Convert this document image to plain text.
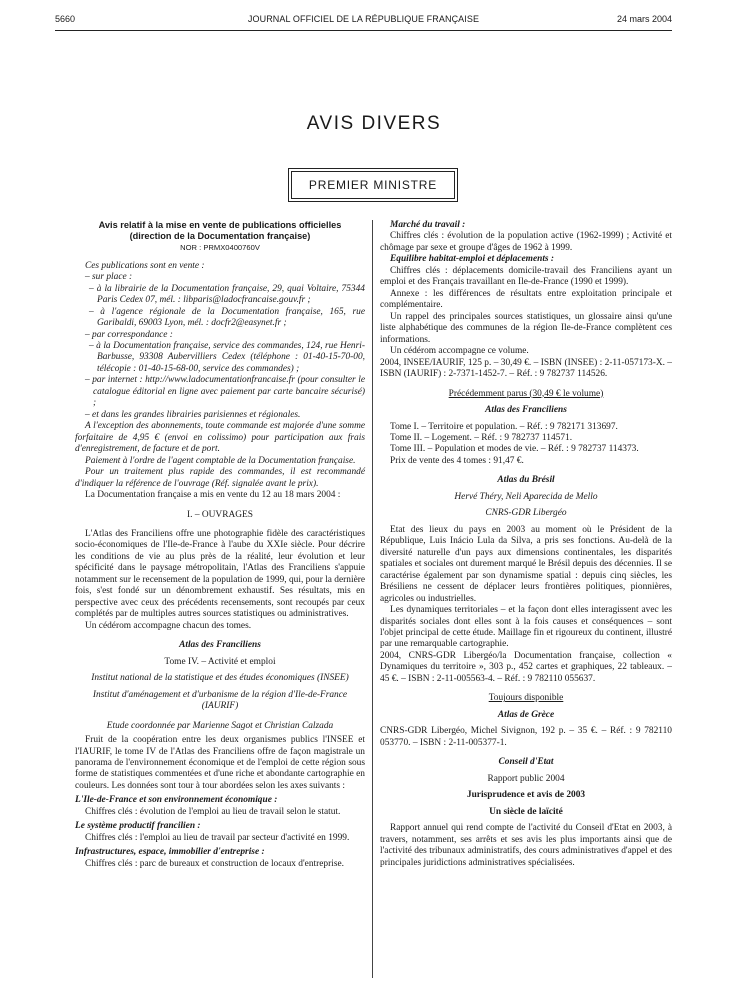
5660	JOURNAL OFFICIEL DE LA RÉPUBLIQUE FRANÇAISE	24 mars 2004
AVIS DIVERS
PREMIER MINISTRE

Avis relatif à la mise en vente de publications officielles

(direction de la Documentation française)

NOR : PRMX0400760V

Ces publications sont en vente :

– sur place :

– à la librairie de la Documentation française, 29, quai Voltaire, 75344 Paris Cedex 07, mél. : libparis@ladocfrancaise.gouv.fr ;

– à l'agence régionale de la Documentation française, 165, rue Garibaldi, 69003 Lyon, mél. : docfr2@easynet.fr ;

– par correspondance :

– à la Documentation française, service des commandes, 124, rue Henri-Barbusse, 93308 Aubervilliers Cedex (téléphone : 01-40-15-70-00, télécopie : 01-40-15-68-00, service des commandes) ;

– par internet : http://www.ladocumentationfrancaise.fr (pour consulter le catalogue éditorial en ligne avec paiement par carte bancaire sécurisé) ;

– et dans les grandes librairies parisiennes et régionales.

A l'exception des abonnements, toute commande est majorée d'une somme forfaitaire de 4,95 € (envoi en colissimo) pour participation aux frais d'enregistrement, de facture et de port.

Paiement à l'ordre de l'agent comptable de la Documentation française.

Pour un traitement plus rapide des commandes, il est recommandé d'indiquer la référence de l'ouvrage (Réf. signalée avant le prix).

La Documentation française a mis en vente du 12 au 18 mars 2004 :

I. – OUVRAGES

L'Atlas des Franciliens offre une photographie fidèle des caractéristiques socio-économiques de l'Ile-de-France à l'aube du XXIe siècle. Pour décrire les conditions de vie au plus près de la réalité, leur évolution et leur spécificité dans le paysage métropolitain, l'Atlas des Franciliens s'appuie notamment sur le recensement de la population de 1999, qui, pour la dernière fois, s'est fondé sur un dénombrement exhaustif. Ses résultats, mis en perspective avec ceux des précédents recensements, sont recoupés par ceux complétés par de multiples autres sources statistiques ou administratives.

Un cédérom accompagne chacun des tomes.

Atlas des Franciliens

Tome IV. – Activité et emploi

Institut national de la statistique et des études économiques (INSEE)

Institut d'aménagement et d'urbanisme de la région d'Ile-de-France (IAURIF)

Etude coordonnée par Marienne Sagot et Christian Calzada

Fruit de la coopération entre les deux organismes publics l'INSEE et l'IAURIF, le tome IV de l'Atlas des Franciliens offre de façon magistrale un panorama de l'environnement économique et de l'emploi de cette région sous forme de statistiques commentées et d'une riche et abondante cartographie en couleurs. Les données sont tour à tour abordées selon les axes suivants :

L'Ile-de-France et son environnement économique :

Chiffres clés : évolution de l'emploi au lieu de travail selon le statut.

Le système productif francilien :

Chiffres clés : l'emploi au lieu de travail par secteur d'activité en 1999.

Infrastructures, espace, immobilier d'entreprise :

Chiffres clés : parc de bureaux et construction de locaux d'entreprise.

Marché du travail :

Chiffres clés : évolution de la population active (1962-1999) ; Activité et chômage par sexe et groupe d'âges de 1962 à 1999.

Equilibre habitat-emploi et déplacements :

Chiffres clés : déplacements domicile-travail des Franciliens ayant un emploi et des Français travaillant en Ile-de-France (1990 et 1999).

Annexe : les différences de résultats entre exploitation principale et complémentaire.

Un rappel des principales sources statistiques, un glossaire ainsi qu'une liste alphabétique des communes de la région Ile-de-France complètent ces informations.

Un cédérom accompagne ce volume.

2004, INSEE/IAURIF, 125 p. – 30,49 €. – ISBN (INSEE) : 2-11-057173-X. – ISBN (IAURIF) : 2-7371-1452-7. – Réf. : 9 782737 114526.

Précédemment parus (30,49 € le volume)

Atlas des Franciliens

Tome I. – Territoire et population. – Réf. : 9 782171 313697.

Tome II. – Logement. – Réf. : 9 782737 114571.

Tome III. – Population et modes de vie. – Réf. : 9 782737 114373.

Prix de vente des 4 tomes : 91,47 €.

Atlas du Brésil

Hervé Théry, Neli Aparecida de Mello

CNRS-GDR Libergéo

Etat des lieux du pays en 2003 au moment où le Président de la République, Luis Inácio Lula da Silva, a pris ses fonctions. Au-delà de la diversité naturelle d'un pays aux dimensions continentales, les disparités spatiales et sociales ont durement marqué le Brésil depuis des décennies. Il se caractérise également par son dynamisme spatial : depuis cinq siècles, les Brésiliens ne cessent de déplacer leurs frontières politiques, pionnières, agricoles ou industrielles.

Les dynamiques territoriales – et la façon dont elles interagissent avec les disparités sociales dont elles sont à la fois causes et conséquences – sont l'objet principal de cette étude. Maillage fin et rigoureux du continent, illustré par une remarquable cartographie.

2004, CNRS-GDR Libergéo/la Documentation française, collection « Dynamiques du territoire », 303 p., 452 cartes et graphiques, 22 tableaux. – 45 €. – ISBN : 2-11-005563-4. – Réf. : 9 782110 055637.

Toujours disponible

Atlas de Grèce

CNRS-GDR Libergéo, Michel Sivignon, 192 p. – 35 €. – Réf. : 9 782110 053770. – ISBN : 2-11-005377-1.

Conseil d'Etat

Rapport public 2004

Jurisprudence et avis de 2003

Un siècle de laïcité

Rapport annuel qui rend compte de l'activité du Conseil d'Etat en 2003, à travers, notamment, ses arrêts et ses avis les plus importants ainsi que de l'activité des tribunaux administratifs, des cours administratives d'appel et des principales juridictions administratives spécialisées.
